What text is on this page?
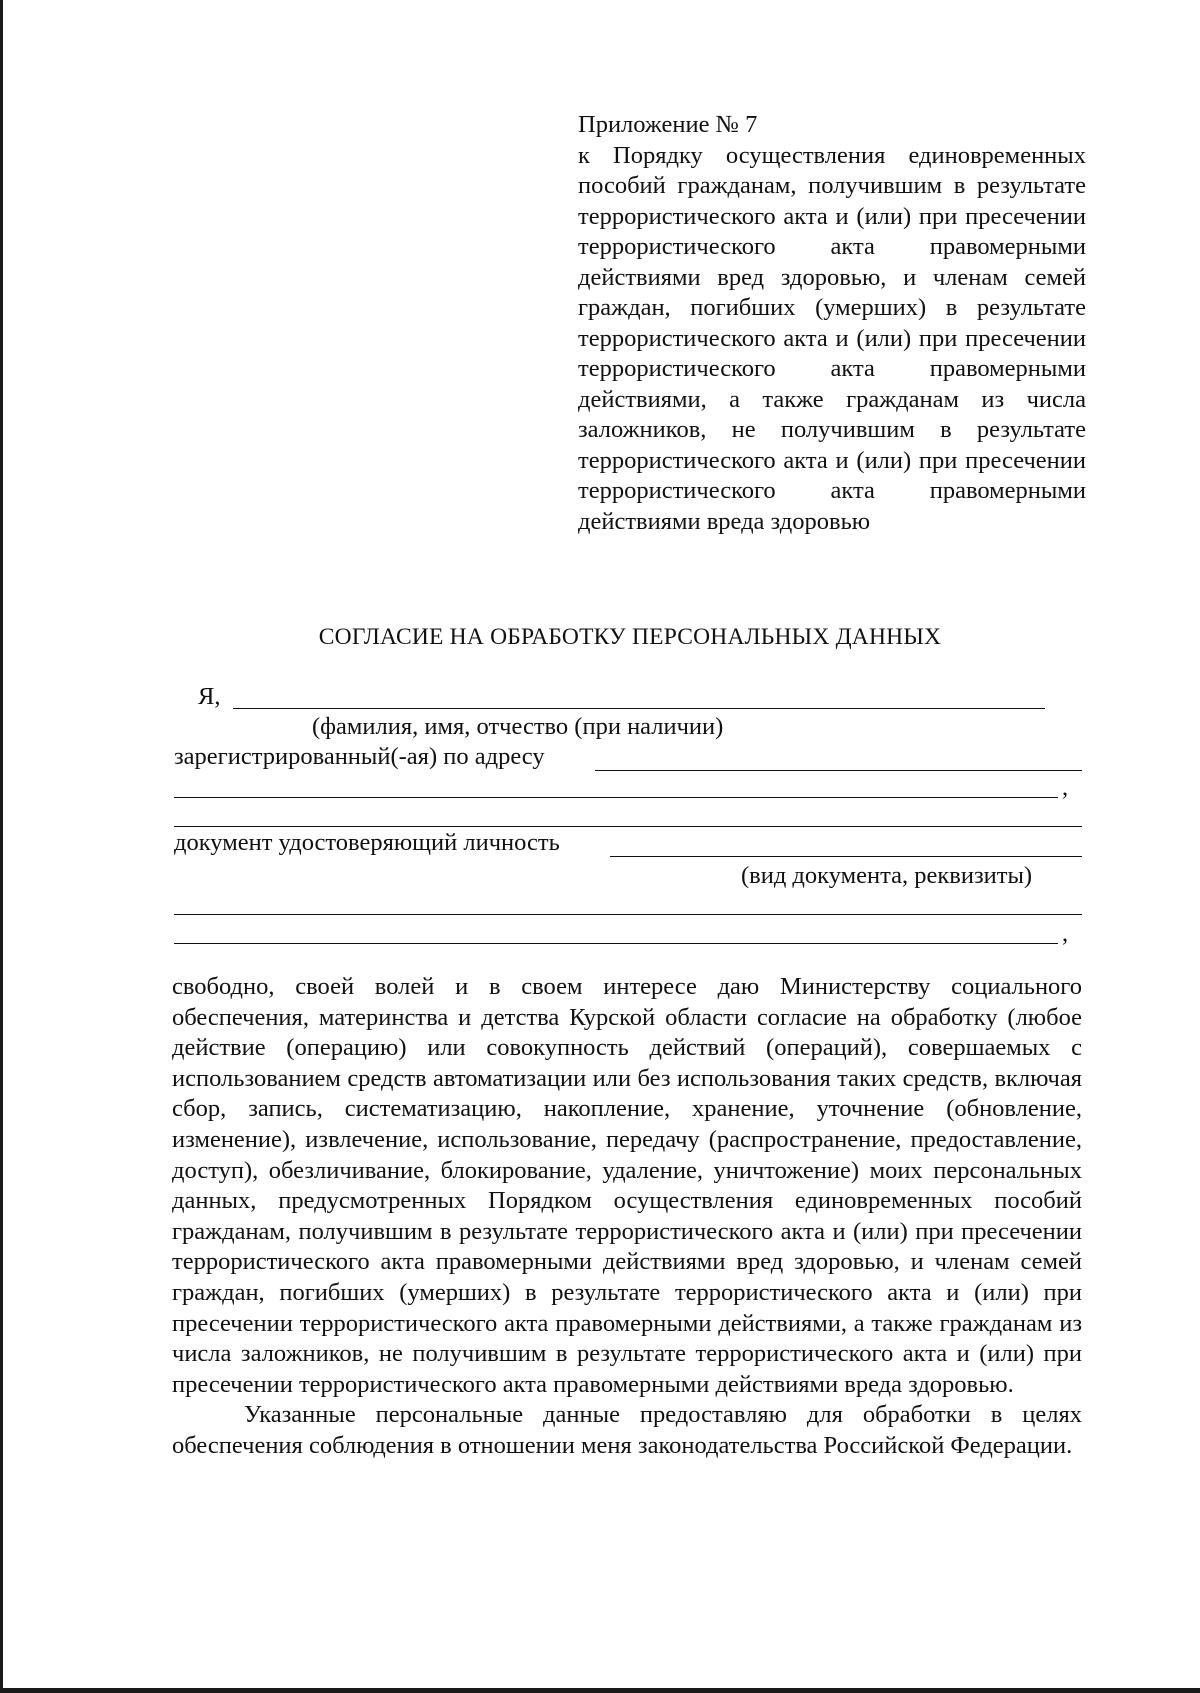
Приложение № 7
к Порядку осуществления единовременных пособий гражданам, получившим в результате террористического акта и (или) при пресечении террористического акта правомерными действиями вред здоровью, и членам семей граждан, погибших (умерших) в результате террористического акта и (или) при пресечении террористического акта правомерными действиями, а также гражданам из числа заложников, не получившим в результате террористического акта и (или) при пресечении террористического акта правомерными действиями вреда здоровью
СОГЛАСИЕ НА ОБРАБОТКУ ПЕРСОНАЛЬНЫХ ДАННЫХ
Я,
(фамилия, имя, отчество (при наличии)
зарегистрированный(-ая) по адресу
,
документ удостоверяющий личность
(вид документа, реквизиты)
,

свободно, своей волей и в своем интересе даю Министерству социального обеспечения, материнства и детства Курской области согласие на обработку (любое действие (операцию) или совокупность действий (операций), совершаемых с использованием средств автоматизации или без использования таких средств, включая сбор, запись, систематизацию, накопление, хранение, уточнение (обновление, изменение), извлечение, использование, передачу (распространение, предоставление, доступ), обезличивание, блокирование, удаление, уничтожение) моих персональных данных, предусмотренных Порядком осуществления единовременных пособий гражданам, получившим в результате террористического акта и (или) при пресечении террористического акта правомерными действиями вред здоровью, и членам семей граждан, погибших (умерших) в результате террористического акта и (или) при пресечении террористического акта правомерными действиями, а также гражданам из числа заложников, не получившим в результате террористического акта и (или) при пресечении террористического акта правомерными действиями вреда здоровью.

Указанные персональные данные предоставляю для обработки в целях обеспечения соблюдения в отношении меня законодательства Российской Федерации.
